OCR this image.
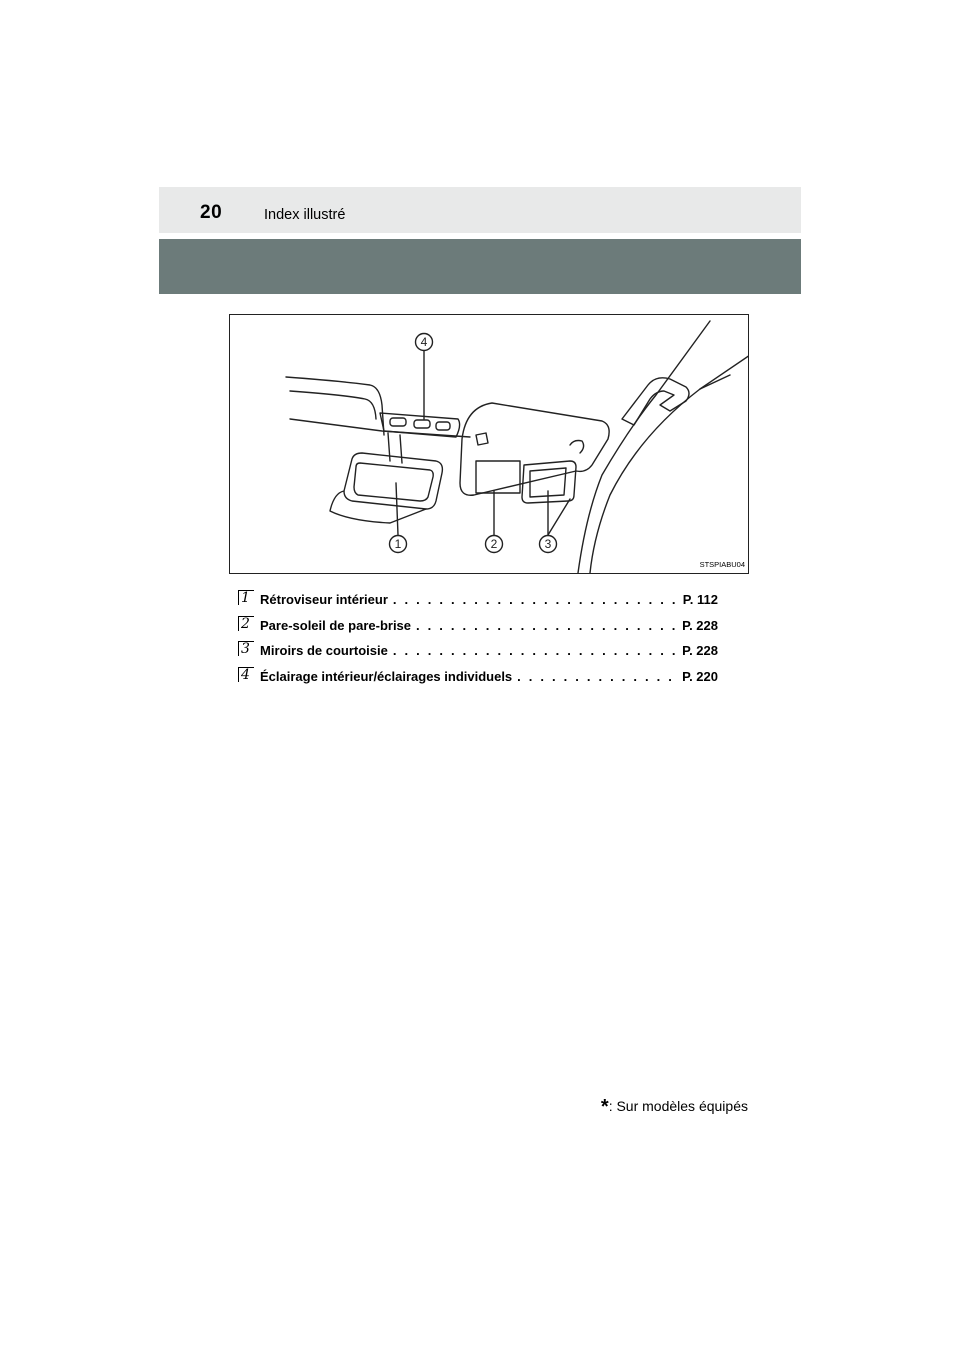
20	Index illustré
4
1	2	3
STSPIABU04
1 Rétroviseur intérieur . . .	P. 112
2 Pare-soleil de pare-brise . . .	P. 228
3 Miroirs de courtoisie . . .	P. 228
4 Éclairage intérieur/éclairages individuels . . .	P. 220
*: Sur modèles équipés
